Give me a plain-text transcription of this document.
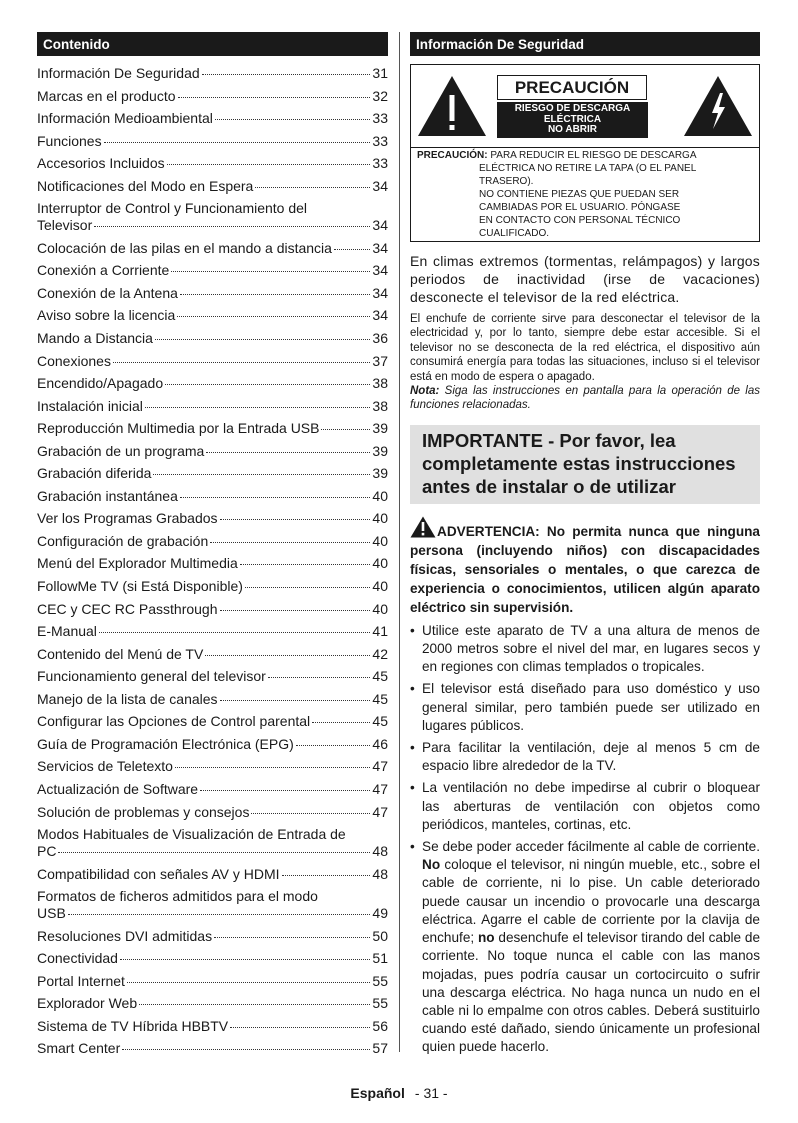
Contenido
Información De Seguridad	31
Marcas en el producto	32
Información Medioambiental	33
Funciones	33
Accesorios Incluidos	33
Notificaciones del Modo en Espera	34
Interruptor de Control y Funcionamiento del
Televisor	34
Colocación de las pilas en el mando a distancia	34
Conexión a Corriente	34
Conexión de la Antena	34
Aviso sobre la licencia	34
Mando a Distancia	36
Conexiones	37
Encendido/Apagado	38
Instalación inicial	38
Reproducción Multimedia por la Entrada USB	39
Grabación de un programa	39
Grabación diferida	39
Grabación instantánea	40
Ver los Programas Grabados	40
Configuración de grabación	40
Menú del Explorador Multimedia	40
FollowMe TV (si Está Disponible)	40
CEC y CEC RC Passthrough	40
E-Manual	41
Contenido del Menú de TV	42
Funcionamiento general del televisor	45
Manejo de la lista de canales	45
Configurar las Opciones de Control parental	45
Guía de Programación Electrónica (EPG)	46
Servicios de Teletexto	47
Actualización de Software	47
Solución de problemas y consejos	47
Modos Habituales de Visualización de Entrada de
PC	48
Compatibilidad con señales AV y HDMI	48
Formatos de ficheros admitidos para el modo
USB	49
Resoluciones DVI admitidas	50
Conectividad	51
Portal Internet	55
Explorador Web	55
Sistema de TV Híbrida HBBTV	56
Smart Center	57
Información De Seguridad
PRECAUCIÓN
RIESGO DE DESCARGA
ELÉCTRICA
NO ABRIR
PRECAUCIÓN: PARA REDUCIR EL RIESGO DE DESCARGA
ELÉCTRICA NO RETIRE LA TAPA (O EL PANEL
TRASERO).
NO CONTIENE PIEZAS QUE PUEDAN SER
CAMBIADAS POR EL USUARIO. PÓNGASE
EN CONTACTO CON PERSONAL TÉCNICO
CUALIFICADO.

En climas extremos (tormentas, relámpagos) y largos periodos de inactividad (irse de vacaciones) desconecte el televisor de la red eléctrica.

El enchufe de corriente sirve para desconectar el televisor de la electricidad y, por lo tanto, siempre debe estar accesible. Si el televisor no se desconecta de la red eléctrica, el dispositivo aún consumirá energía para todas las situaciones, incluso si el televisor está en modo de espera o apagado.
Nota: Siga las instrucciones en pantalla para la operación de las funciones relacionadas.

IMPORTANTE - Por favor, lea completamente estas instrucciones antes de instalar o de utilizar
ADVERTENCIA: No permita nunca que ninguna persona (incluyendo niños) con discapacidades físicas, sensoriales o mentales, o que carezca de experiencia o conocimientos, utilicen algún aparato eléctrico sin supervisión.
• Utilice este aparato de TV a una altura de menos de 2000 metros sobre el nivel del mar, en lugares secos y en regiones con climas templados o tropicales.
• El televisor está diseñado para uso doméstico y uso general similar, pero también puede ser utilizado en lugares públicos.
• Para facilitar la ventilación, deje al menos 5 cm de espacio libre alrededor de la TV.
• La ventilación no debe impedirse al cubrir o bloquear las aberturas de ventilación con objetos como periódicos, manteles, cortinas, etc.
• Se debe poder acceder fácilmente al cable de corriente. No coloque el televisor, ni ningún mueble, etc., sobre el cable de corriente, ni lo pise. Un cable deteriorado puede causar un incendio o provocarle una descarga eléctrica. Agarre el cable de corriente por la clavija de enchufe; no desenchufe el televisor tirando del cable de corriente. No toque nunca el cable con las manos mojadas, pues podría causar un cortocircuito o sufrir una descarga eléctrica. No haga nunca un nudo en el cable ni lo empalme con otros cables. Deberá sustituirlo cuando esté dañado, siendo únicamente un profesional quien puede hacerlo.
Español - 31 -
